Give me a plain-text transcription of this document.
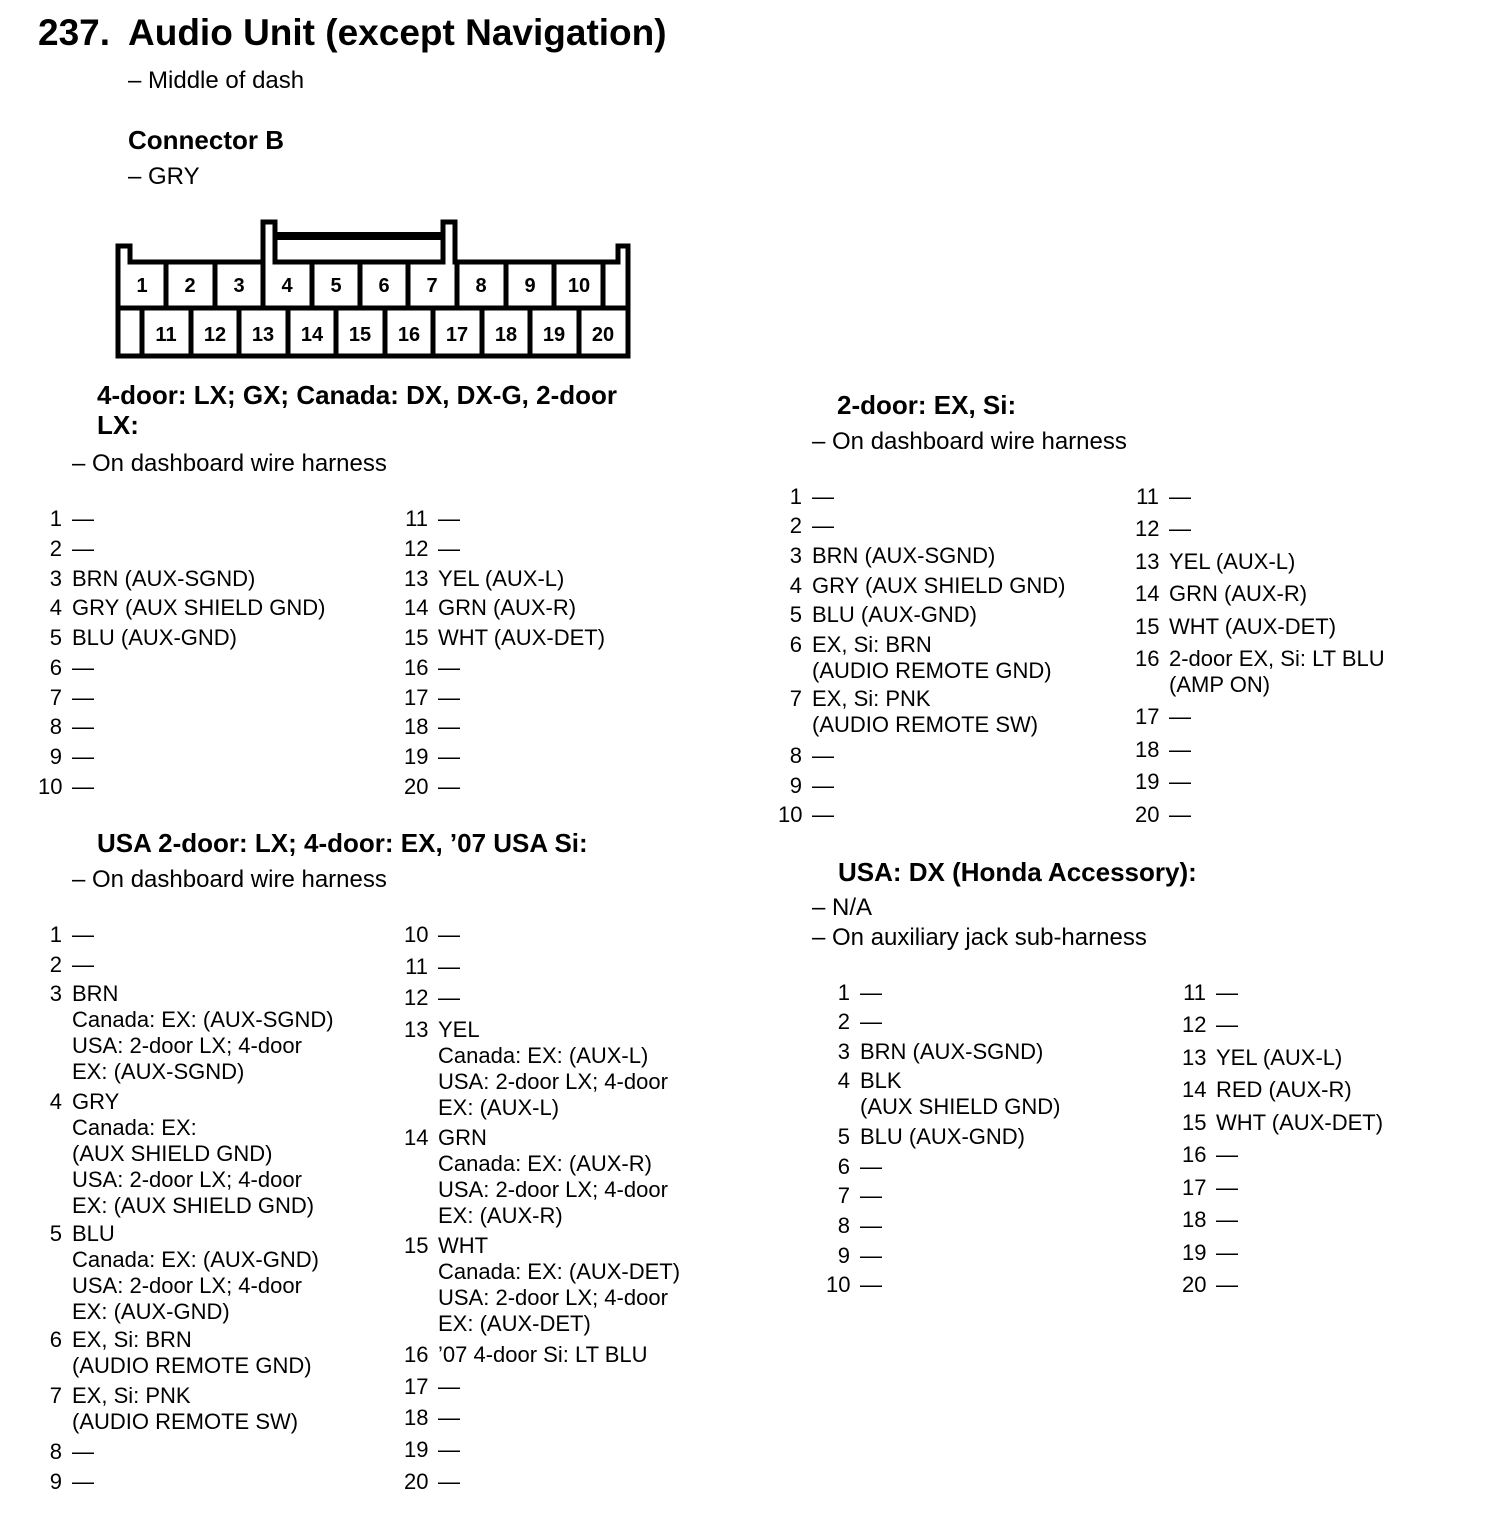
237. Audio Unit (except Navigation)
– Middle of dash
Connector B
– GRY
1 2 3 4 5 6 7 8 9 10
11 12 13 14 15 16 17 18 19 20
4-door: LX; GX; Canada: DX, DX-G, 2-door
LX:
– On dashboard wire harness
1 —
2 —
3 BRN (AUX-SGND)
4 GRY (AUX SHIELD GND)
5 BLU (AUX-GND)
6 —
7 —
8 —
9 —
10 —
11 —
12 —
13 YEL (AUX-L)
14 GRN (AUX-R)
15 WHT (AUX-DET)
16 —
17 —
18 —
19 —
20 —
2-door: EX, Si:
– On dashboard wire harness
1 —
2 —
3 BRN (AUX-SGND)
4 GRY (AUX SHIELD GND)
5 BLU (AUX-GND)
6 EX, Si: BRN
(AUDIO REMOTE GND)
7 EX, Si: PNK
(AUDIO REMOTE SW)
8 —
9 —
10 —
11 —
12 —
13 YEL (AUX-L)
14 GRN (AUX-R)
15 WHT (AUX-DET)
16 2-door EX, Si: LT BLU
(AMP ON)
17 —
18 —
19 —
20 —
USA 2-door: LX; 4-door: EX, ’07 USA Si:
– On dashboard wire harness
1 —
2 —
3 BRN
Canada: EX: (AUX-SGND)
USA: 2-door LX; 4-door
EX: (AUX-SGND)
4 GRY
Canada: EX:
(AUX SHIELD GND)
USA: 2-door LX; 4-door
EX: (AUX SHIELD GND)
5 BLU
Canada: EX: (AUX-GND)
USA: 2-door LX; 4-door
EX: (AUX-GND)
6 EX, Si: BRN
(AUDIO REMOTE GND)
7 EX, Si: PNK
(AUDIO REMOTE SW)
8 —
9 —
10 —
11 —
12 —
13 YEL
Canada: EX: (AUX-L)
USA: 2-door LX; 4-door
EX: (AUX-L)
14 GRN
Canada: EX: (AUX-R)
USA: 2-door LX; 4-door
EX: (AUX-R)
15 WHT
Canada: EX: (AUX-DET)
USA: 2-door LX; 4-door
EX: (AUX-DET)
16 ’07 4-door Si: LT BLU
17 —
18 —
19 —
20 —
USA: DX (Honda Accessory):
– N/A
– On auxiliary jack sub-harness
1 —
2 —
3 BRN (AUX-SGND)
4 BLK
(AUX SHIELD GND)
5 BLU (AUX-GND)
6 —
7 —
8 —
9 —
10 —
11 —
12 —
13 YEL (AUX-L)
14 RED (AUX-R)
15 WHT (AUX-DET)
16 —
17 —
18 —
19 —
20 —
